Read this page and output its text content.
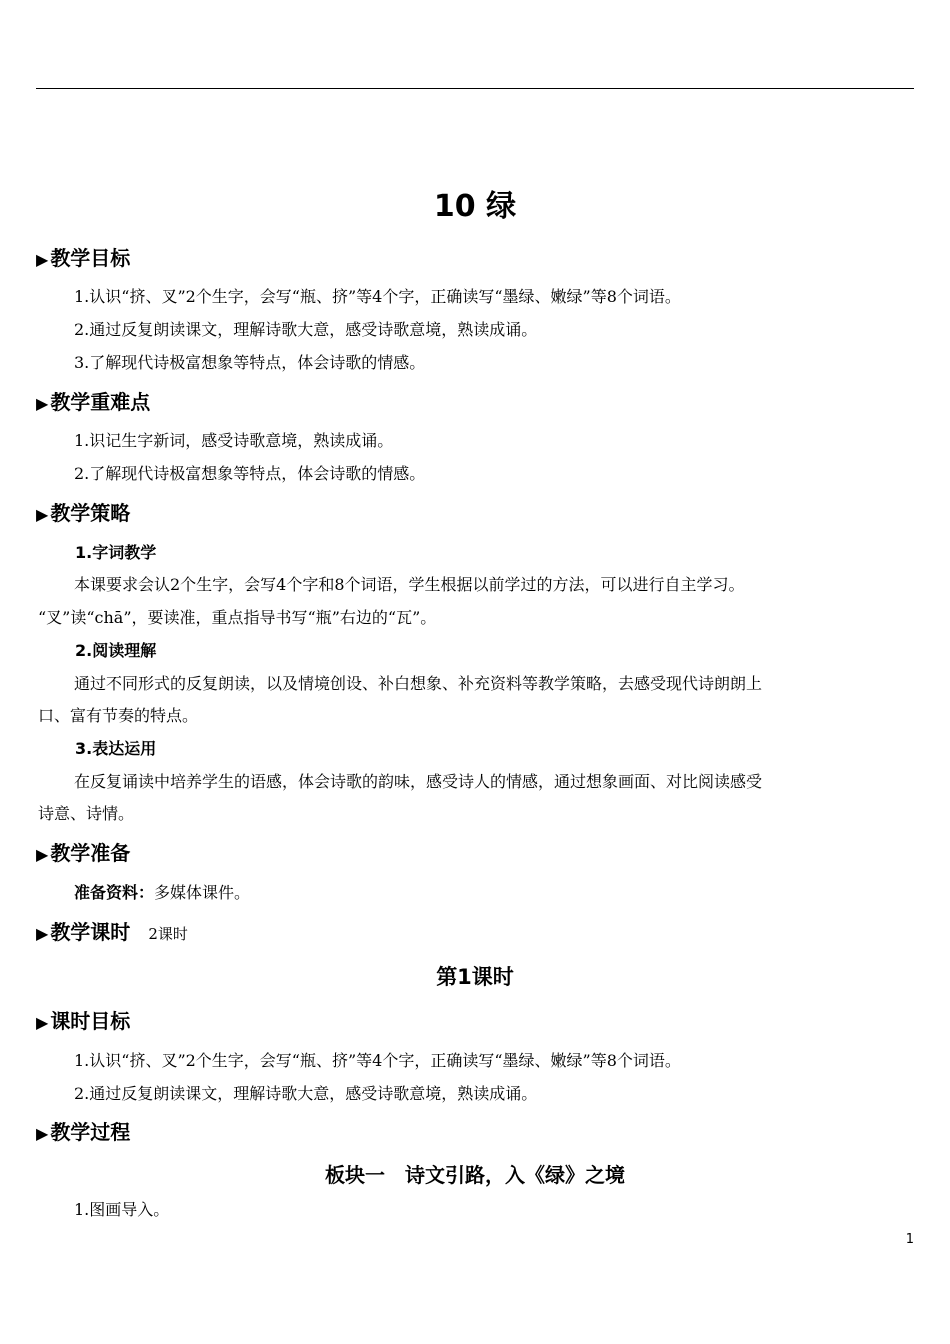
10 绿
▶ 教学目标
1.认识“挤、叉”2个生字，会写“瓶、挤”等4个字，正确读写“墨绿、嫩绿”等8个词语。
2.通过反复朗读课文，理解诗歌大意，感受诗歌意境，熟读成诵。
3.了解现代诗极富想象等特点，体会诗歌的情感。
▶ 教学重难点
1.识记生字新词，感受诗歌意境，熟读成诵。
2.了解现代诗极富想象等特点，体会诗歌的情感。
▶ 教学策略
1.字词教学
本课要求会认2个生字，会写4个字和8个词语，学生根据以前学过的方法，可以进行自主学习。
“叉”读“chā”，要读准，重点指导书写“瓶”右边的“瓦”。
2.阅读理解
通过不同形式的反复朗读，以及情境创设、补白想象、补充资料等教学策略，去感受现代诗朗朗上
口、富有节奏的特点。
3.表达运用
在反复诵读中培养学生的语感，体会诗歌的韵味，感受诗人的情感，通过想象画面、对比阅读感受
诗意、诗情。
▶ 教学准备
准备资料：多媒体课件。
▶ 教学课时 2课时
第1课时
▶ 课时目标
1.认识“挤、叉”2个生字，会写“瓶、挤”等4个字，正确读写“墨绿、嫩绿”等8个词语。
2.通过反复朗读课文，理解诗歌大意，感受诗歌意境，熟读成诵。
▶ 教学过程
板块一　诗文引路，入《绿》之境
1.图画导入。
1
